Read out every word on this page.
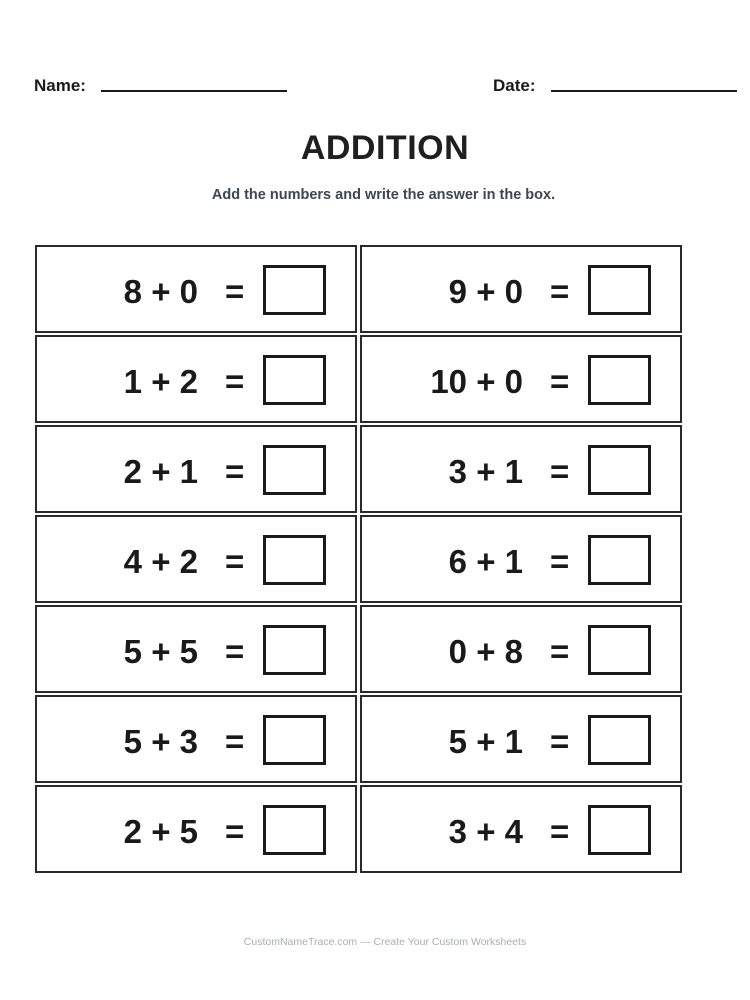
Name:	Date:
ADDITION
Add the numbers and write the answer in the box.
8 + 0 =	9 + 0 =
1 + 2 =	10 + 0 =
2 + 1 =	3 + 1 =
4 + 2 =	6 + 1 =
5 + 5 =	0 + 8 =
5 + 3 =	5 + 1 =
2 + 5 =	3 + 4 =
CustomNameTrace.com — Create Your Custom Worksheets
